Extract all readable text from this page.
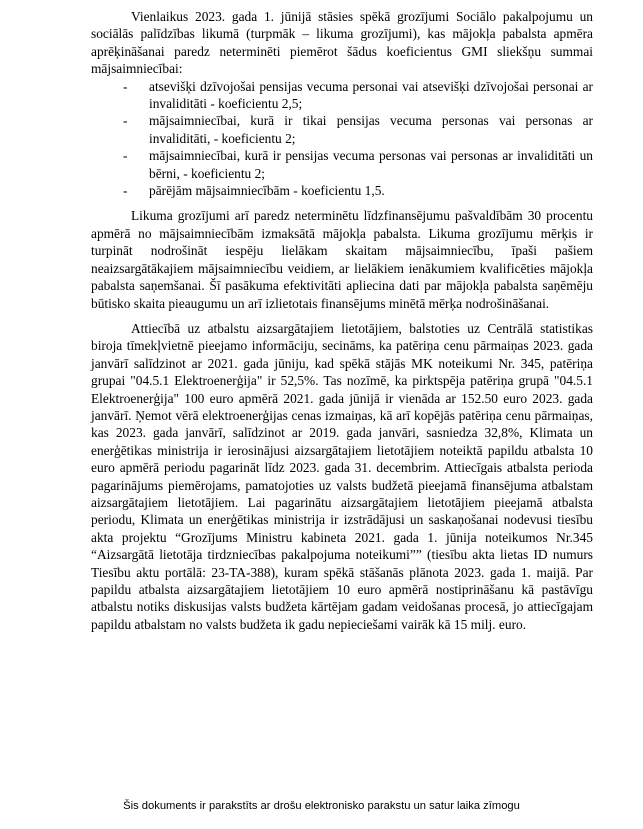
Vienlaikus 2023. gada 1. jūnijā stāsies spēkā grozījumi Sociālo pakalpojumu un sociālās palīdzības likumā (turpmāk – likuma grozījumi), kas mājokļa pabalsta apmēra aprēķināšanai paredz neterminēti piemērot šādus koeficientus GMI sliekšņu summai mājsaimniecībai:

- atsevišķi dzīvojošai pensijas vecuma personai vai atsevišķi dzīvojošai personai ar invaliditāti - koeficientu 2,5;
- mājsaimniecībai, kurā ir tikai pensijas vecuma personas vai personas ar invaliditāti, - koeficientu 2;
- mājsaimniecībai, kurā ir pensijas vecuma personas vai personas ar invaliditāti un bērni, - koeficientu 2;
- pārējām mājsaimniecībām - koeficientu 1,5.

Likuma grozījumi arī paredz neterminētu līdzfinansējumu pašvaldībām 30 procentu apmērā no mājsaimniecībām izmaksātā mājokļa pabalsta. Likuma grozījumu mērķis ir turpināt nodrošināt iespēju lielākam skaitam mājsaimniecību, īpaši pašiem neaizsargātākajiem mājsaimniecību veidiem, ar lielākiem ienākumiem kvalificēties mājokļa pabalsta saņemšanai. Šī pasākuma efektivitāti apliecina dati par mājokļa pabalsta saņēmēju būtisko skaita pieaugumu un arī izlietotais finansējums minētā mērķa nodrošināšanai.

Attiecībā uz atbalstu aizsargātajiem lietotājiem, balstoties uz Centrālā statistikas biroja tīmekļvietnē pieejamo informāciju, secināms, ka patēriņa cenu pārmaiņas 2023. gada janvārī salīdzinot ar 2021. gada jūniju, kad spēkā stājās MK noteikumi Nr. 345, patēriņa grupai "04.5.1 Elektroenerģija" ir 52,5%. Tas nozīmē, ka pirktspēja patēriņa grupā "04.5.1 Elektroenerģija" 100 euro apmērā 2021. gada jūnijā ir vienāda ar 152.50 euro 2023. gada janvārī. Ņemot vērā elektroenerģijas cenas izmaiņas, kā arī kopējās patēriņa cenu pārmaiņas, kas 2023. gada janvārī, salīdzinot ar 2019. gada janvāri, sasniedza 32,8%, Klimata un enerģētikas ministrija ir ierosinājusi aizsargātajiem lietotājiem noteiktā papildu atbalsta 10 euro apmērā periodu pagarināt līdz 2023. gada 31. decembrim. Attiecīgais atbalsta perioda pagarinājums piemērojams, pamatojoties uz valsts budžetā pieejamā finansējuma atbalstam aizsargātajiem lietotājiem. Lai pagarinātu aizsargātajiem lietotājiem pieejamā atbalsta periodu, Klimata un enerģētikas ministrija ir izstrādājusi un saskaņošanai nodevusi tiesību akta projektu “Grozījums Ministru kabineta 2021. gada 1. jūnija noteikumos Nr.345 “Aizsargātā lietotāja tirdzniecības pakalpojuma noteikumi”” (tiesību akta lietas ID numurs Tiesību aktu portālā: 23-TA-388), kuram spēkā stāšanās plānota 2023. gada 1. maijā. Par papildu atbalsta aizsargātajiem lietotājiem 10 euro apmērā nostiprināšanu kā pastāvīgu atbalstu notiks diskusijas valsts budžeta kārtējam gadam veidošanas procesā, jo attiecīgajam papildu atbalstam no valsts budžeta ik gadu nepieciešami vairāk kā 15 milj. euro.

Šis dokuments ir parakstīts ar drošu elektronisko parakstu un satur laika zīmogu
